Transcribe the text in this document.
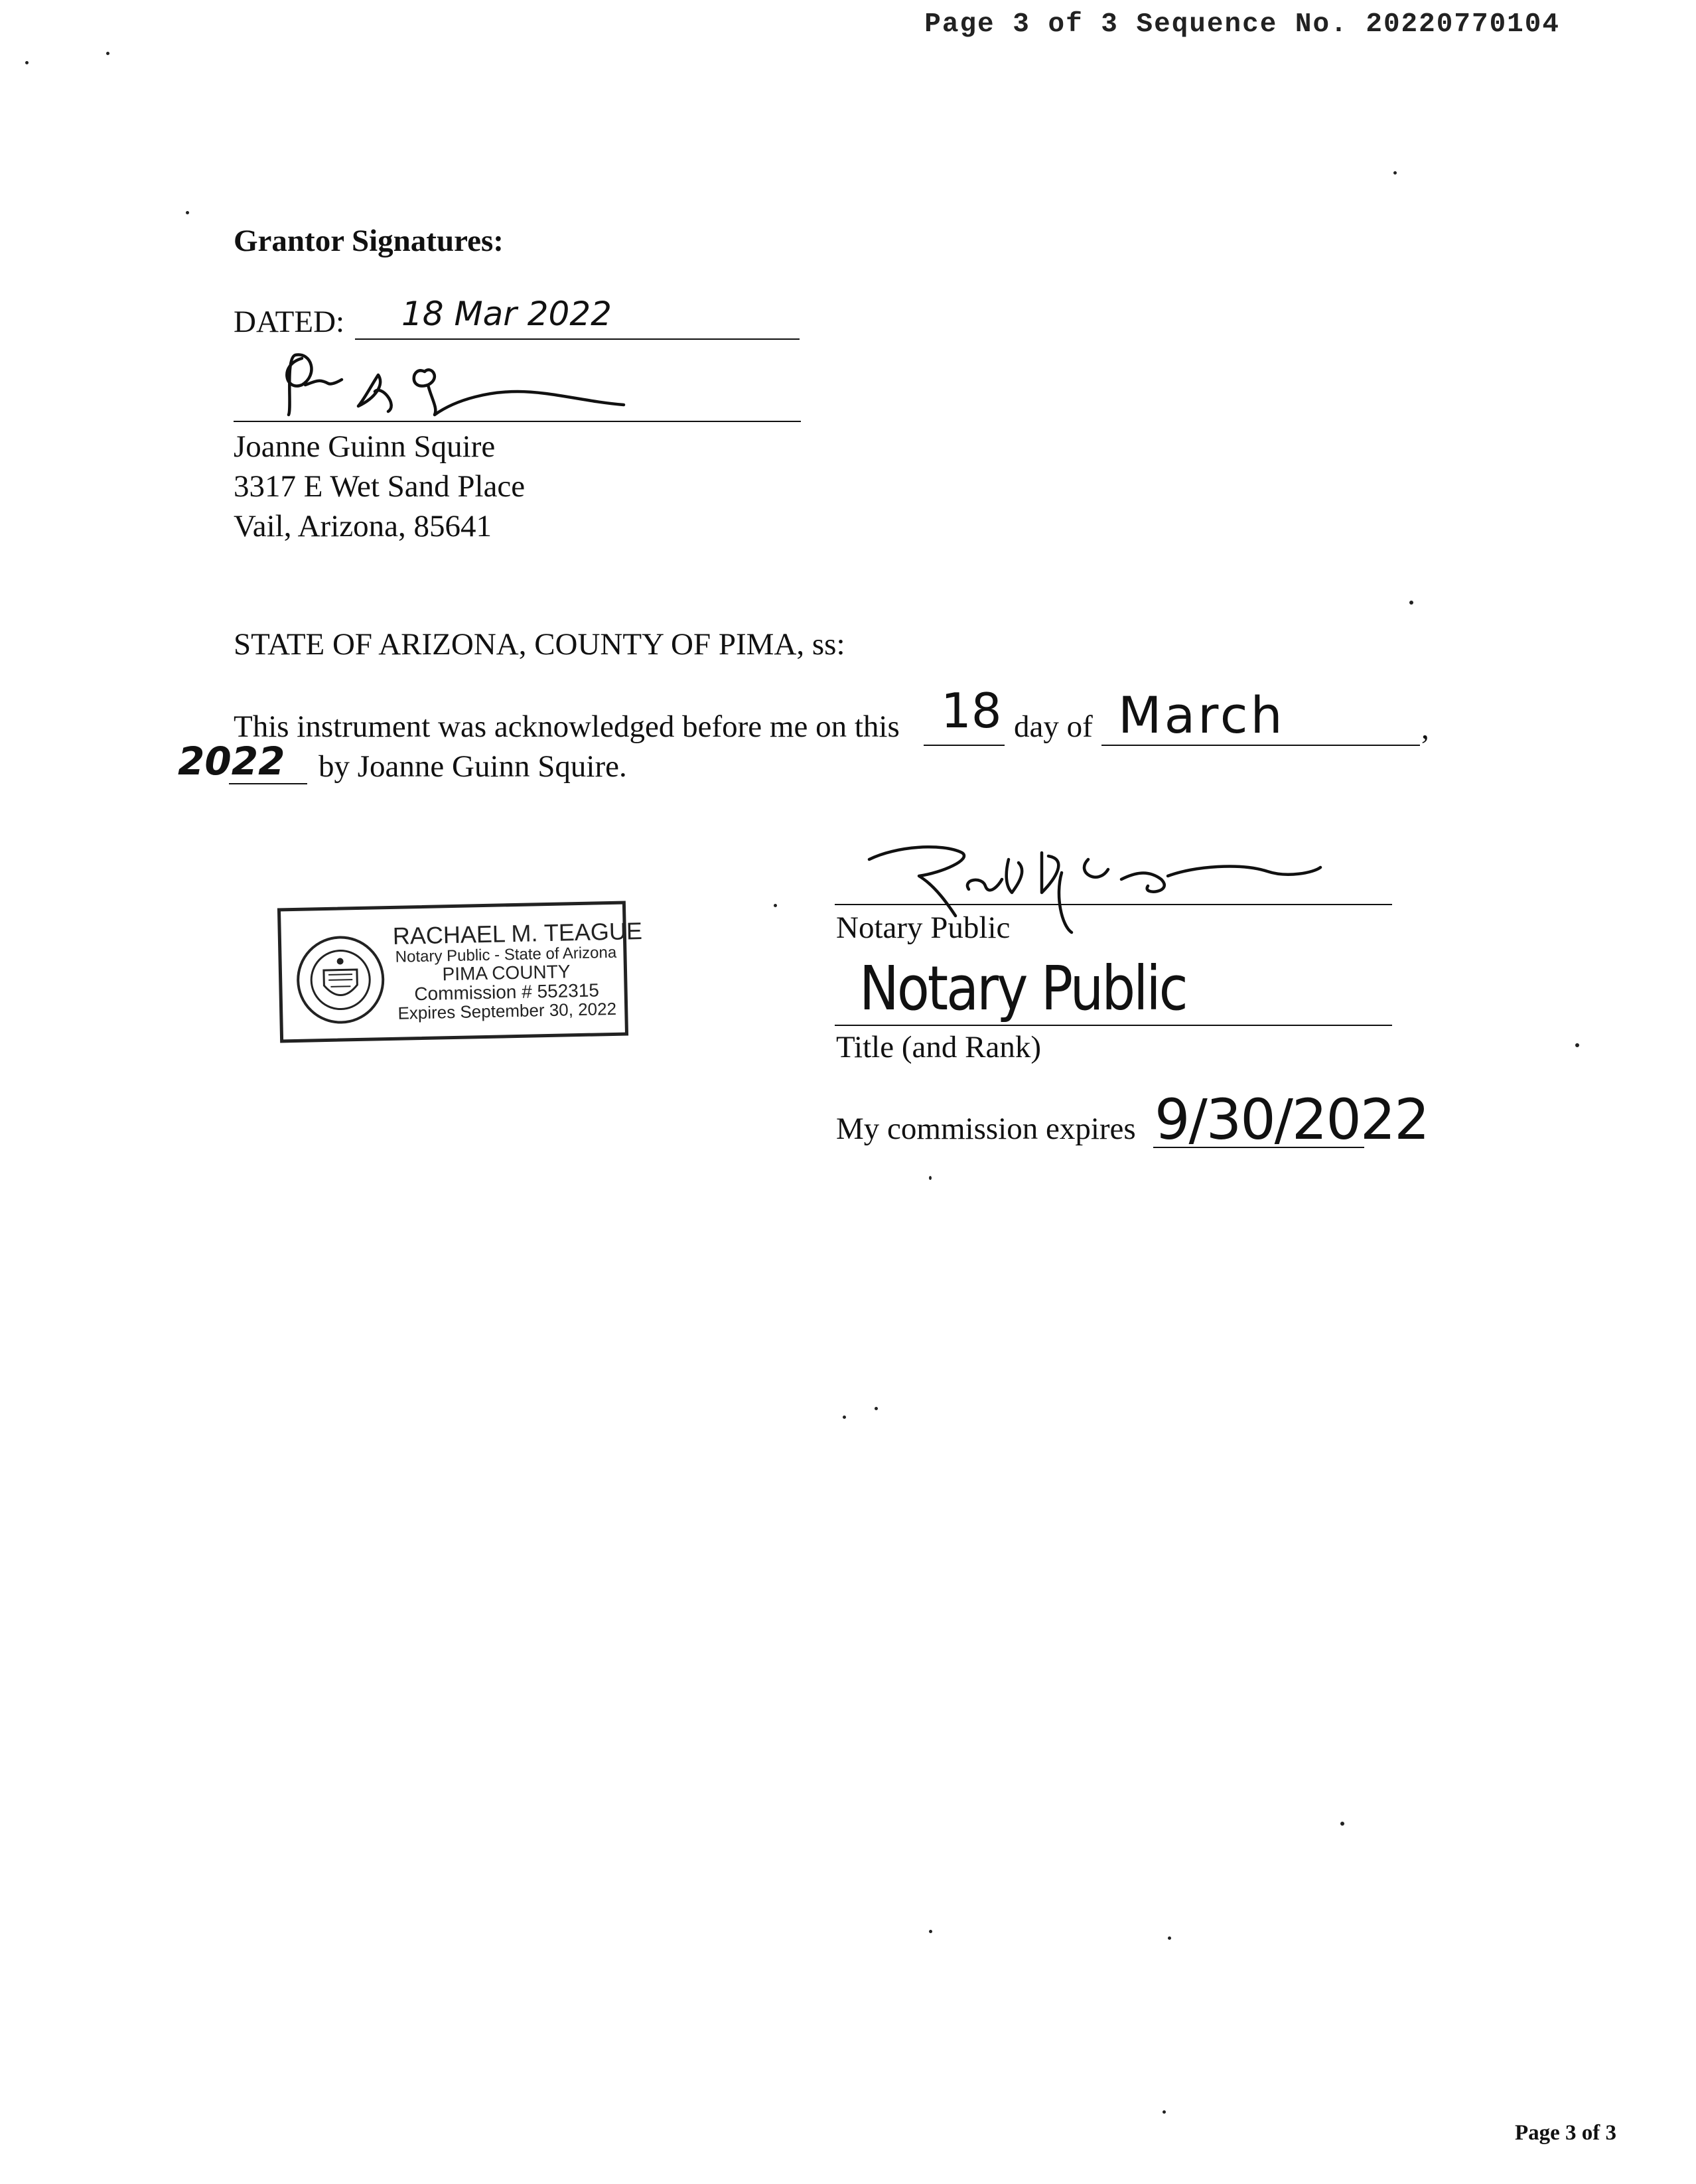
Page 3 of 3 Sequence No. 20220770104
Grantor Signatures:
DATED: 18 Mar 2022
Joanne Guinn Squire
3317 E Wet Sand Place
Vail, Arizona, 85641
STATE OF ARIZONA, COUNTY OF PIMA, ss:
This instrument was acknowledged before me on this 18 day of March	,
2022 by Joanne Guinn Squire.
RACHAEL M. TEAGUE
Notary Public - State of Arizona
PIMA COUNTY
Commission # 552315
Expires September 30, 2022
Notary Public
Notary Public
Title (and Rank)
My commission expires 9/30/2022
Page 3 of 3
